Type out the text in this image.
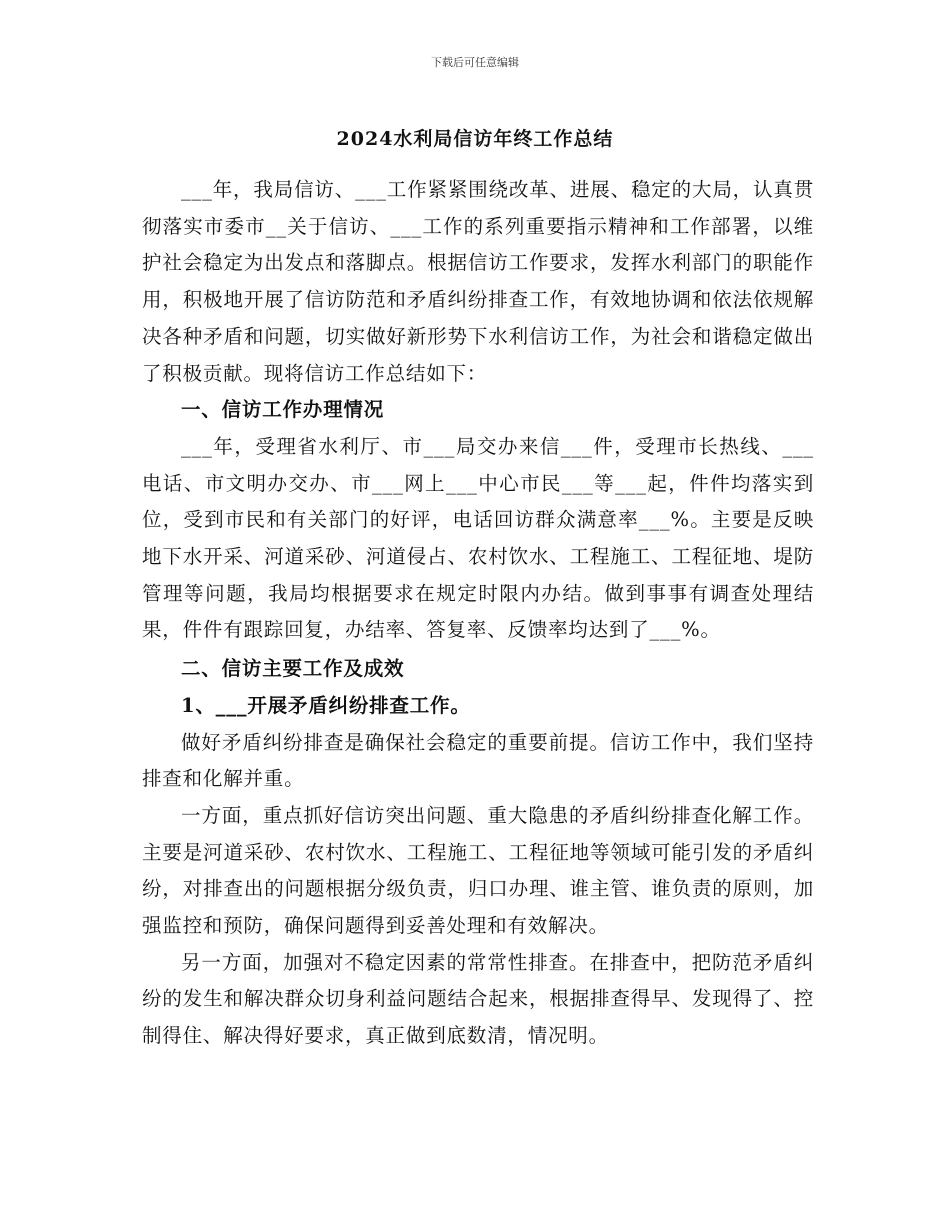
下载后可任意编辑
2024水利局信访年终工作总结

___年，我局信访、___工作紧紧围绕改革、进展、稳定的大局，认真贯彻落实市委市__关于信访、___工作的系列重要指示精神和工作部署，以维护社会稳定为出发点和落脚点。根据信访工作要求，发挥水利部门的职能作用，积极地开展了信访防范和矛盾纠纷排查工作，有效地协调和依法依规解决各种矛盾和问题，切实做好新形势下水利信访工作，为社会和谐稳定做出了积极贡献。现将信访工作总结如下：

一、信访工作办理情况

___年，受理省水利厅、市___局交办来信___件，受理市长热线、___电话、市文明办交办、市___网上___中心市民___等___起，件件均落实到位，受到市民和有关部门的好评，电话回访群众满意率___%。主要是反映地下水开采、河道采砂、河道侵占、农村饮水、工程施工、工程征地、堤防管理等问题，我局均根据要求在规定时限内办结。做到事事有调查处理结果，件件有跟踪回复，办结率、答复率、反馈率均达到了___%。

二、信访主要工作及成效

1、___开展矛盾纠纷排查工作。

做好矛盾纠纷排查是确保社会稳定的重要前提。信访工作中，我们坚持排查和化解并重。

一方面，重点抓好信访突出问题、重大隐患的矛盾纠纷排查化解工作。主要是河道采砂、农村饮水、工程施工、工程征地等领域可能引发的矛盾纠纷，对排查出的问题根据分级负责，归口办理、谁主管、谁负责的原则，加强监控和预防，确保问题得到妥善处理和有效解决。

另一方面，加强对不稳定因素的常常性排查。在排查中，把防范矛盾纠纷的发生和解决群众切身利益问题结合起来，根据排查得早、发现得了、控制得住、解决得好要求，真正做到底数清，情况明。
